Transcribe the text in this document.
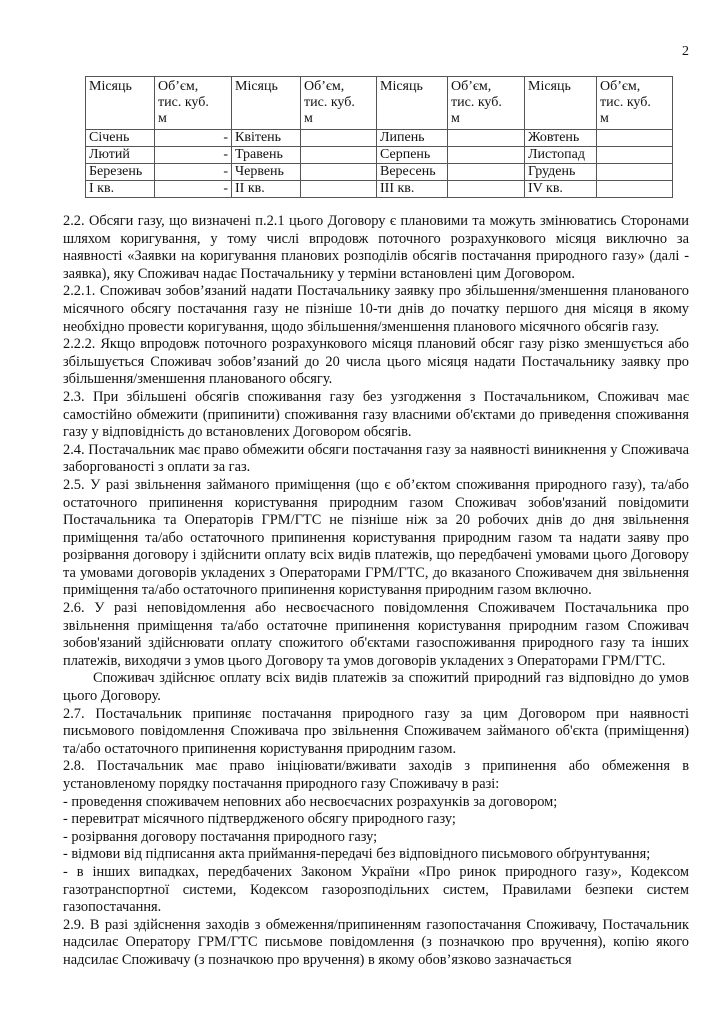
2
Місяць	Об’єм,
тис. куб.
м	Місяць	Об’єм,
тис. куб.
м	Місяць	Об’єм,
тис. куб.
м	Місяць	Об’єм,
тис. куб.
м
Січень	-	Квітень		Липень		Жовтень	
Лютий	-	Травень		Серпень		Листопад	
Березень	-	Червень		Вересень		Грудень	
I кв.	-	II кв.		III кв.		IV кв.	

2.2. Обсяги газу, що визначені п.2.1 цього Договору є плановими та можуть змінюватись Сторонами шляхом коригування, у тому числі впродовж поточного розрахункового місяця виключно за наявності «Заявки на коригування планових розподілів обсягів постачання природного газу» (далі - заявка), яку Споживач надає Постачальнику у терміни встановлені цим Договором.

2.2.1. Споживач зобов’язаний надати Постачальнику заявку про збільшення/зменшення планованого місячного обсягу постачання газу не пізніше 10-ти днів до початку першого дня місяця в якому необхідно провести коригування, щодо збільшення/зменшення планового місячного обсягів газу.

2.2.2. Якщо впродовж поточного розрахункового місяця плановий обсяг газу різко зменшується або збільшується Споживач зобов’язаний до 20 числа цього місяця надати Постачальнику заявку про збільшення/зменшення планованого обсягу.

2.3. При збільшені обсягів споживання газу без узгодження з Постачальником, Споживач має самостійно обмежити (припинити) споживання газу власними об'єктами до приведення споживання газу у відповідність до встановлених Договором обсягів.

2.4. Постачальник має право обмежити обсяги постачання газу за наявності виникнення у Споживача заборгованості з оплати за газ.

2.5. У разі звільнення займаного приміщення (що є об’єктом споживання природного газу), та/або остаточного припинення користування природним газом Споживач зобов'язаний повідомити Постачальника та Операторів ГРМ/ГТС не пізніше ніж за 20 робочих днів до дня звільнення приміщення та/або остаточного припинення користування природним газом та надати заяву про розірвання договору і здійснити оплату всіх видів платежів, що передбачені умовами цього Договору та умовами договорів укладених з Операторами ГРМ/ГТС, до вказаного Споживачем дня звільнення приміщення та/або остаточного припинення користування природним газом включно.

2.6. У разі неповідомлення або несвоєчасного повідомлення Споживачем Постачальника про звільнення приміщення та/або остаточне припинення користування природним газом Споживач зобов'язаний здійснювати оплату спожитого об'єктами газоспоживання природного газу та інших платежів, виходячи з умов цього Договору та умов договорів укладених з Операторами ГРМ/ГТС.

Споживач здійснює оплату всіх видів платежів за спожитий природний газ відповідно до умов цього Договору.

2.7. Постачальник припиняє постачання природного газу за цим Договором при наявності письмового повідомлення Споживача про звільнення Споживачем займаного об'єкта (приміщення) та/або остаточного припинення користування природним газом.

2.8. Постачальник має право ініціювати/вживати заходів з припинення або обмеження в установленому порядку постачання природного газу Споживачу в разі:

- проведення споживачем неповних або несвоєчасних розрахунків за договором;

- перевитрат місячного підтвердженого обсягу природного газу;

- розірвання договору постачання природного газу;

- відмови від підписання акта приймання-передачі без відповідного письмового обґрунтування;

- в інших випадках, передбачених Законом України «Про ринок природного газу», Кодексом газотранспортної системи, Кодексом газорозподільних систем, Правилами безпеки систем газопостачання.

2.9. В разі здійснення заходів з обмеження/припиненням газопостачання Споживачу, Постачальник надсилає Оператору ГРМ/ГТС письмове повідомлення (з позначкою про вручення), копію якого надсилає Споживачу (з позначкою про вручення) в якому обов’язково зазначається
